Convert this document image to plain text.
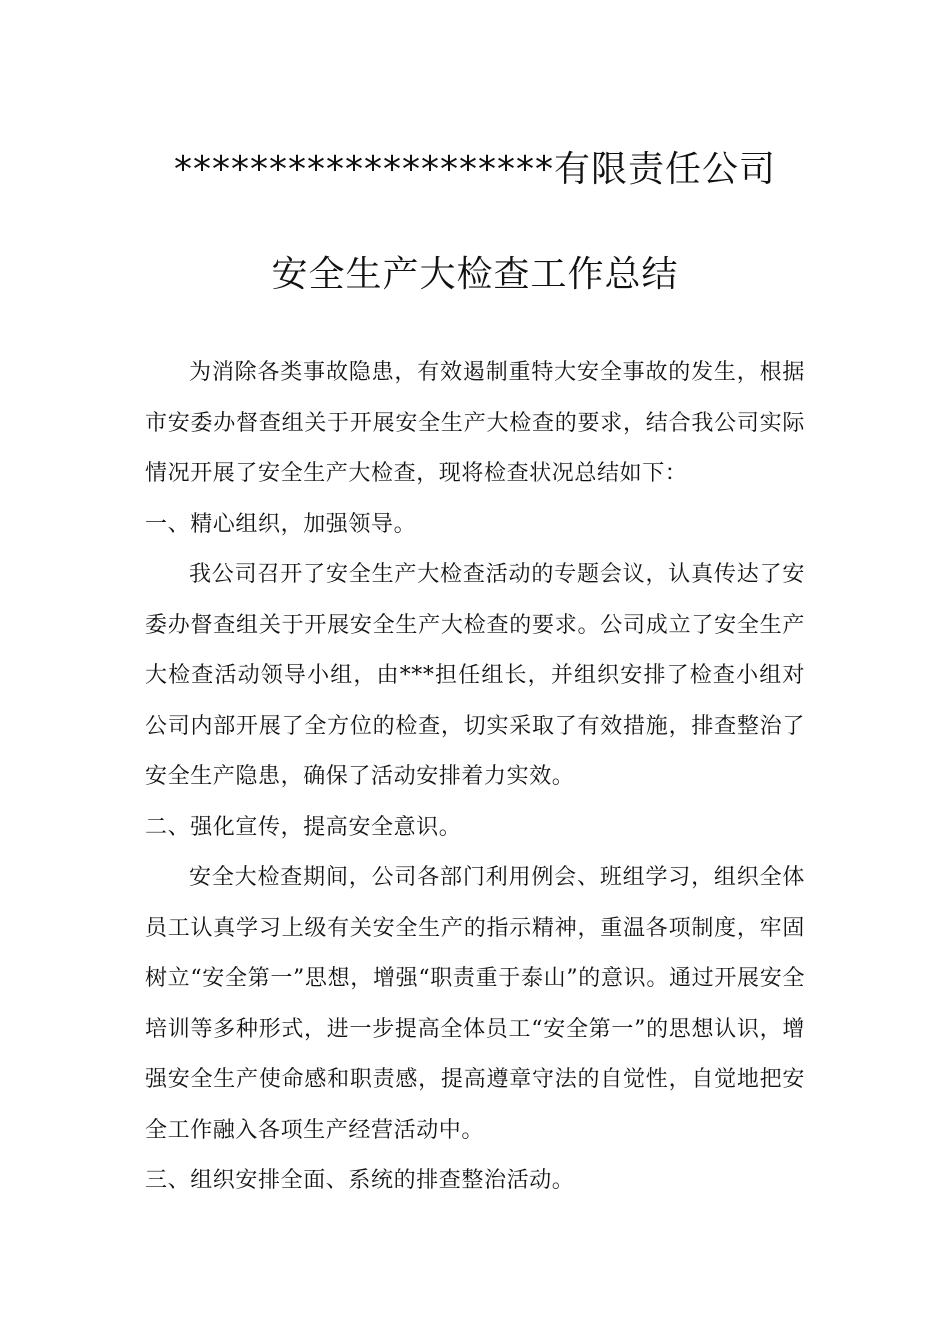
********************有限责任公司
安全生产大检查工作总结

为消除各类事故隐患，有效遏制重特大安全事故的发生，根据市安委办督查组关于开展安全生产大检查的要求，结合我公司实际情况开展了安全生产大检查，现将检查状况总结如下：

一、精心组织，加强领导。

我公司召开了安全生产大检查活动的专题会议，认真传达了安委办督查组关于开展安全生产大检查的要求。公司成立了安全生产大检查活动领导小组，由***担任组长，并组织安排了检查小组对公司内部开展了全方位的检查，切实采取了有效措施，排查整治了安全生产隐患，确保了活动安排着力实效。

二、强化宣传，提高安全意识。

安全大检查期间，公司各部门利用例会、班组学习，组织全体员工认真学习上级有关安全生产的指示精神，重温各项制度，牢固树立“安全第一”思想，增强“职责重于泰山”的意识。通过开展安全培训等多种形式，进一步提高全体员工“安全第一”的思想认识，增强安全生产使命感和职责感，提高遵章守法的自觉性，自觉地把安全工作融入各项生产经营活动中。

三、组织安排全面、系统的排查整治活动。
